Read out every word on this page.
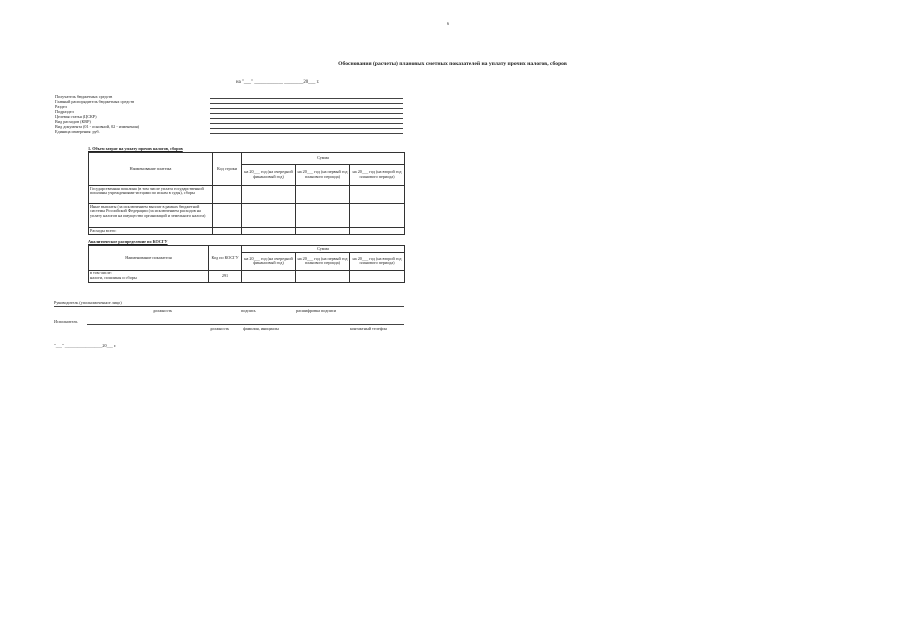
6
Обоснования (расчеты) плановых сметных показателей на уплату прочих налогов, сборов
на "___" ____________ ________20___ г.
Получатель бюджетных средств
Главный распорядитель бюджетных средств
Раздел
Подраздел
Целевая статья (ЦСКР)
Вид расходов (КВР)
Вид документа (01 - основной, 02 - изменения)
Единица измерения: руб.
1. Объем затрат на уплату прочих налогов, сборов
Наименование платежа	Код строки	Сумма		
		на 20___ год (на очередной финансовый год)	на 20___ год (на первый год планового периода)	на 20___ год (на второй год планового периода)
Государственная пошлина (в том числе уплата государственной пошлины учреждениями-истцами по искам в суды), сборы				
Иные выплаты (за исключением выплат в рамках бюджетной системы Российской Федерации (за исключением расходов на уплату налогов на имущество организаций и земельного налога)				
Расходы всего:				
Аналитическое распределение по КОСГУ
Наименование показателя	Код по КОСГУ	Сумма		
		на 20___ год (на очередной финансовый год)	на 20___ год (на первый год планового периода)	на 20___ год (на второй год планового периода)

в том числе:
налоги, пошлины и сборы	291			
Руководитель (уполномоченное лицо)
должность	подпись	расшифровка подписи
Исполнитель
должность	фамилия, инициалы	контактный телефон
"___" __________________20___ г.
